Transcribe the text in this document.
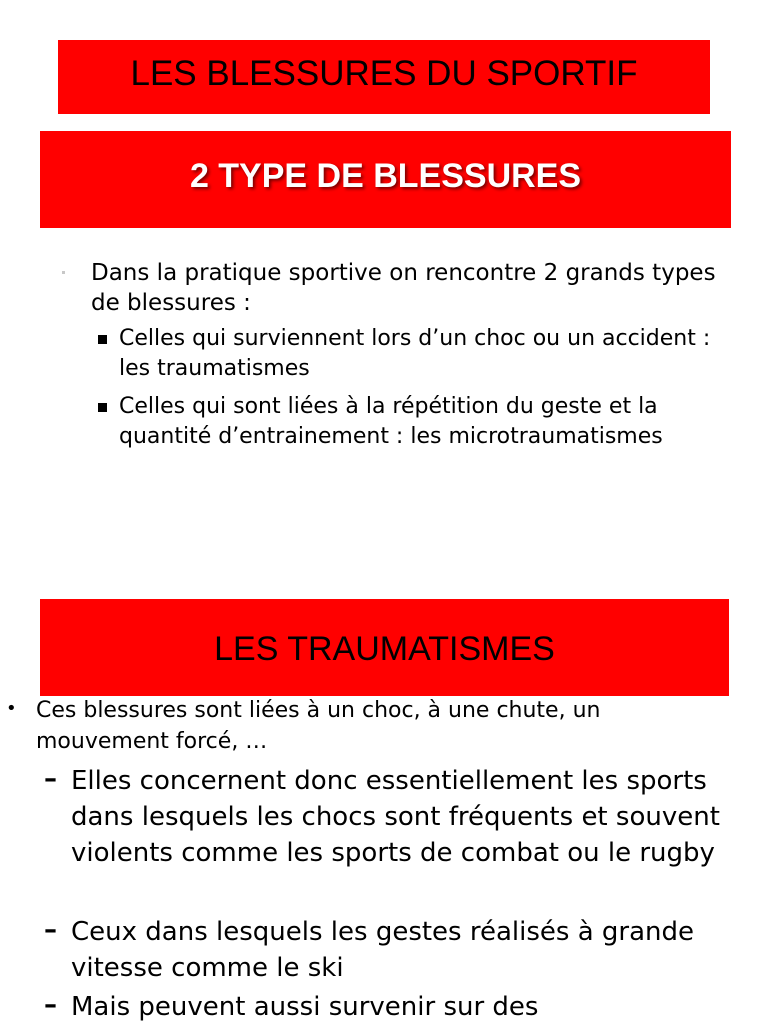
LES BLESSURES DU SPORTIF
2 TYPE DE BLESSURES
Dans la pratique sportive on rencontre 2 grands types de blessures :
Celles qui surviennent lors d’un choc ou un accident : les traumatismes
Celles qui sont liées à la répétition du geste et la quantité d’entrainement : les microtraumatismes
LES TRAUMATISMES
• Ces blessures sont liées à un choc, à une chute, un mouvement forcé, …
– Elles concernent donc essentiellement les sports dans lesquels les chocs sont fréquents et souvent violents comme les sports de combat ou le rugby
– Ceux dans lesquels les gestes réalisés à grande vitesse comme le ski
– Mais peuvent aussi survenir sur des
